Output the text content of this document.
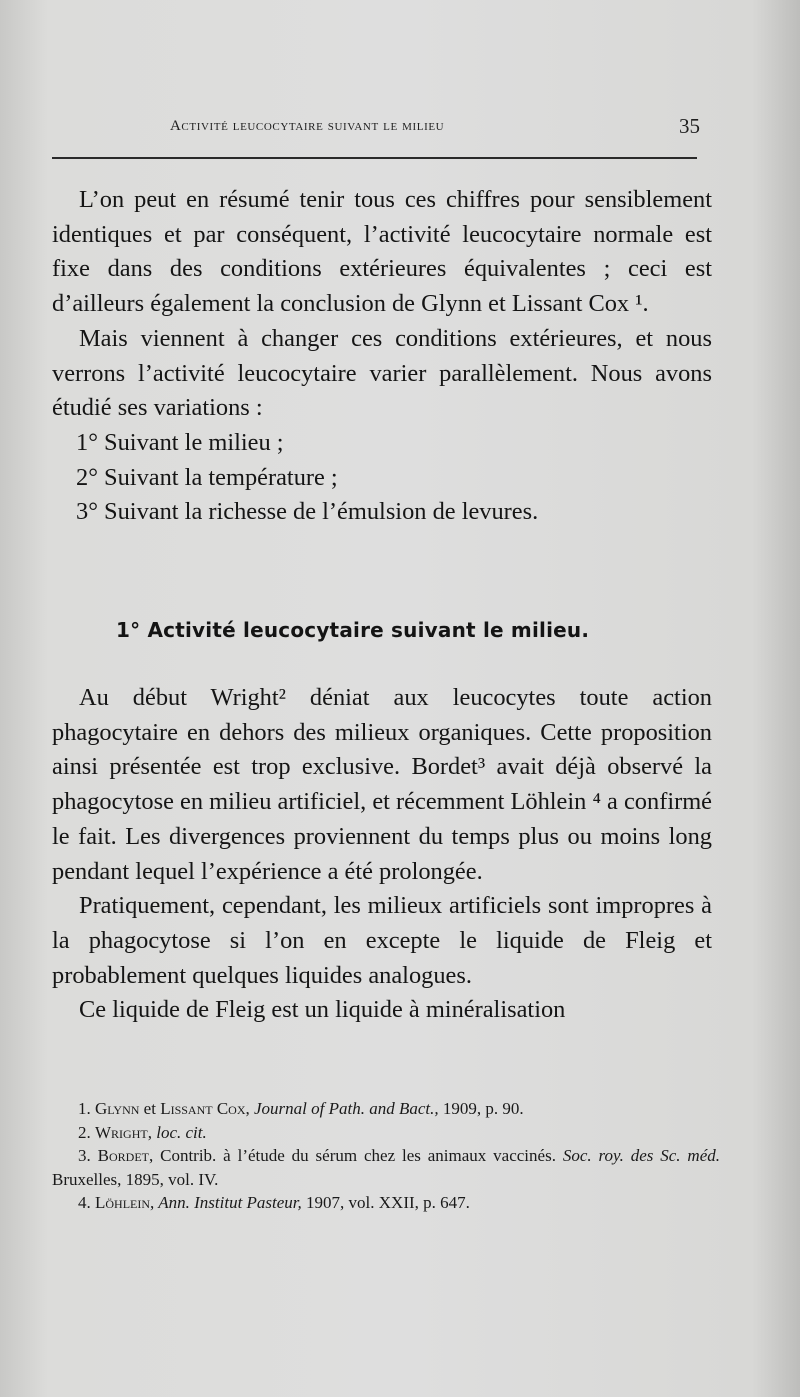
Activité leucocytaire suivant le milieu	35

L’on peut en résumé tenir tous ces chiffres pour sensiblement identiques et par conséquent, l’activité leucocytaire normale est fixe dans des conditions extérieures équivalentes ; ceci est d’ailleurs également la conclusion de Glynn et Lissant Cox ¹.

Mais viennent à changer ces conditions extérieures, et nous verrons l’activité leucocytaire varier parallèlement. Nous avons étudié ses variations :

1° Suivant le milieu ;

2° Suivant la température ;

3° Suivant la richesse de l’émulsion de levures.

1° Activité leucocytaire suivant le milieu.

Au début Wright² déniat aux leucocytes toute action phagocytaire en dehors des milieux organiques. Cette proposition ainsi présentée est trop exclusive. Bordet³ avait déjà observé la phagocytose en milieu artificiel, et récemment Löhlein ⁴ a confirmé le fait. Les divergences proviennent du temps plus ou moins long pendant lequel l’expérience a été prolongée.

Pratiquement, cependant, les milieux artificiels sont impropres à la phagocytose si l’on en excepte le liquide de Fleig et probablement quelques liquides analogues.

Ce liquide de Fleig est un liquide à minéralisation

1. Glynn et Lissant Cox, Journal of Path. and Bact., 1909, p. 90.

2. Wright, loc. cit.

3. Bordet, Contrib. à l’étude du sérum chez les animaux vaccinés. Soc. roy. des Sc. méd. Bruxelles, 1895, vol. IV.

4. Löhlein, Ann. Institut Pasteur, 1907, vol. XXII, p. 647.
